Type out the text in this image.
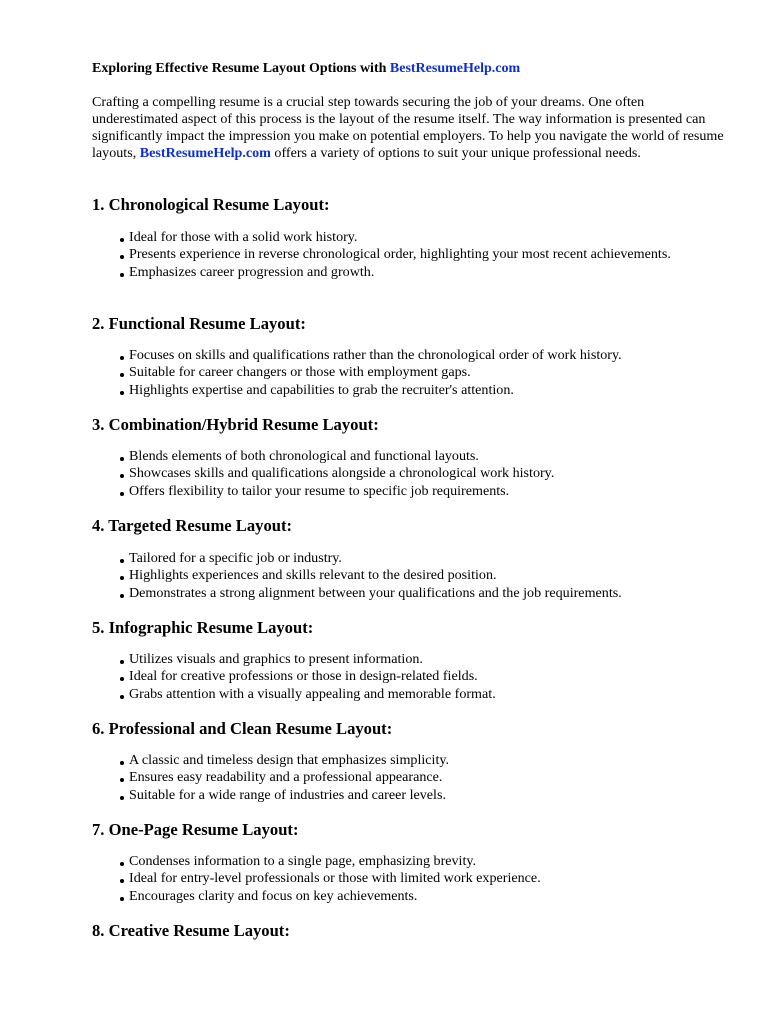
Exploring Effective Resume Layout Options with BestResumeHelp.com
Crafting a compelling resume is a crucial step towards securing the job of your dreams. One often underestimated aspect of this process is the layout of the resume itself. The way information is presented can significantly impact the impression you make on potential employers. To help you navigate the world of resume layouts, BestResumeHelp.com offers a variety of options to suit your unique professional needs.
1. Chronological Resume Layout:
Ideal for those with a solid work history.
Presents experience in reverse chronological order, highlighting your most recent achievements.
Emphasizes career progression and growth.
2. Functional Resume Layout:
Focuses on skills and qualifications rather than the chronological order of work history.
Suitable for career changers or those with employment gaps.
Highlights expertise and capabilities to grab the recruiter's attention.
3. Combination/Hybrid Resume Layout:
Blends elements of both chronological and functional layouts.
Showcases skills and qualifications alongside a chronological work history.
Offers flexibility to tailor your resume to specific job requirements.
4. Targeted Resume Layout:
Tailored for a specific job or industry.
Highlights experiences and skills relevant to the desired position.
Demonstrates a strong alignment between your qualifications and the job requirements.
5. Infographic Resume Layout:
Utilizes visuals and graphics to present information.
Ideal for creative professions or those in design-related fields.
Grabs attention with a visually appealing and memorable format.
6. Professional and Clean Resume Layout:
A classic and timeless design that emphasizes simplicity.
Ensures easy readability and a professional appearance.
Suitable for a wide range of industries and career levels.
7. One-Page Resume Layout:
Condenses information to a single page, emphasizing brevity.
Ideal for entry-level professionals or those with limited work experience.
Encourages clarity and focus on key achievements.
8. Creative Resume Layout:
